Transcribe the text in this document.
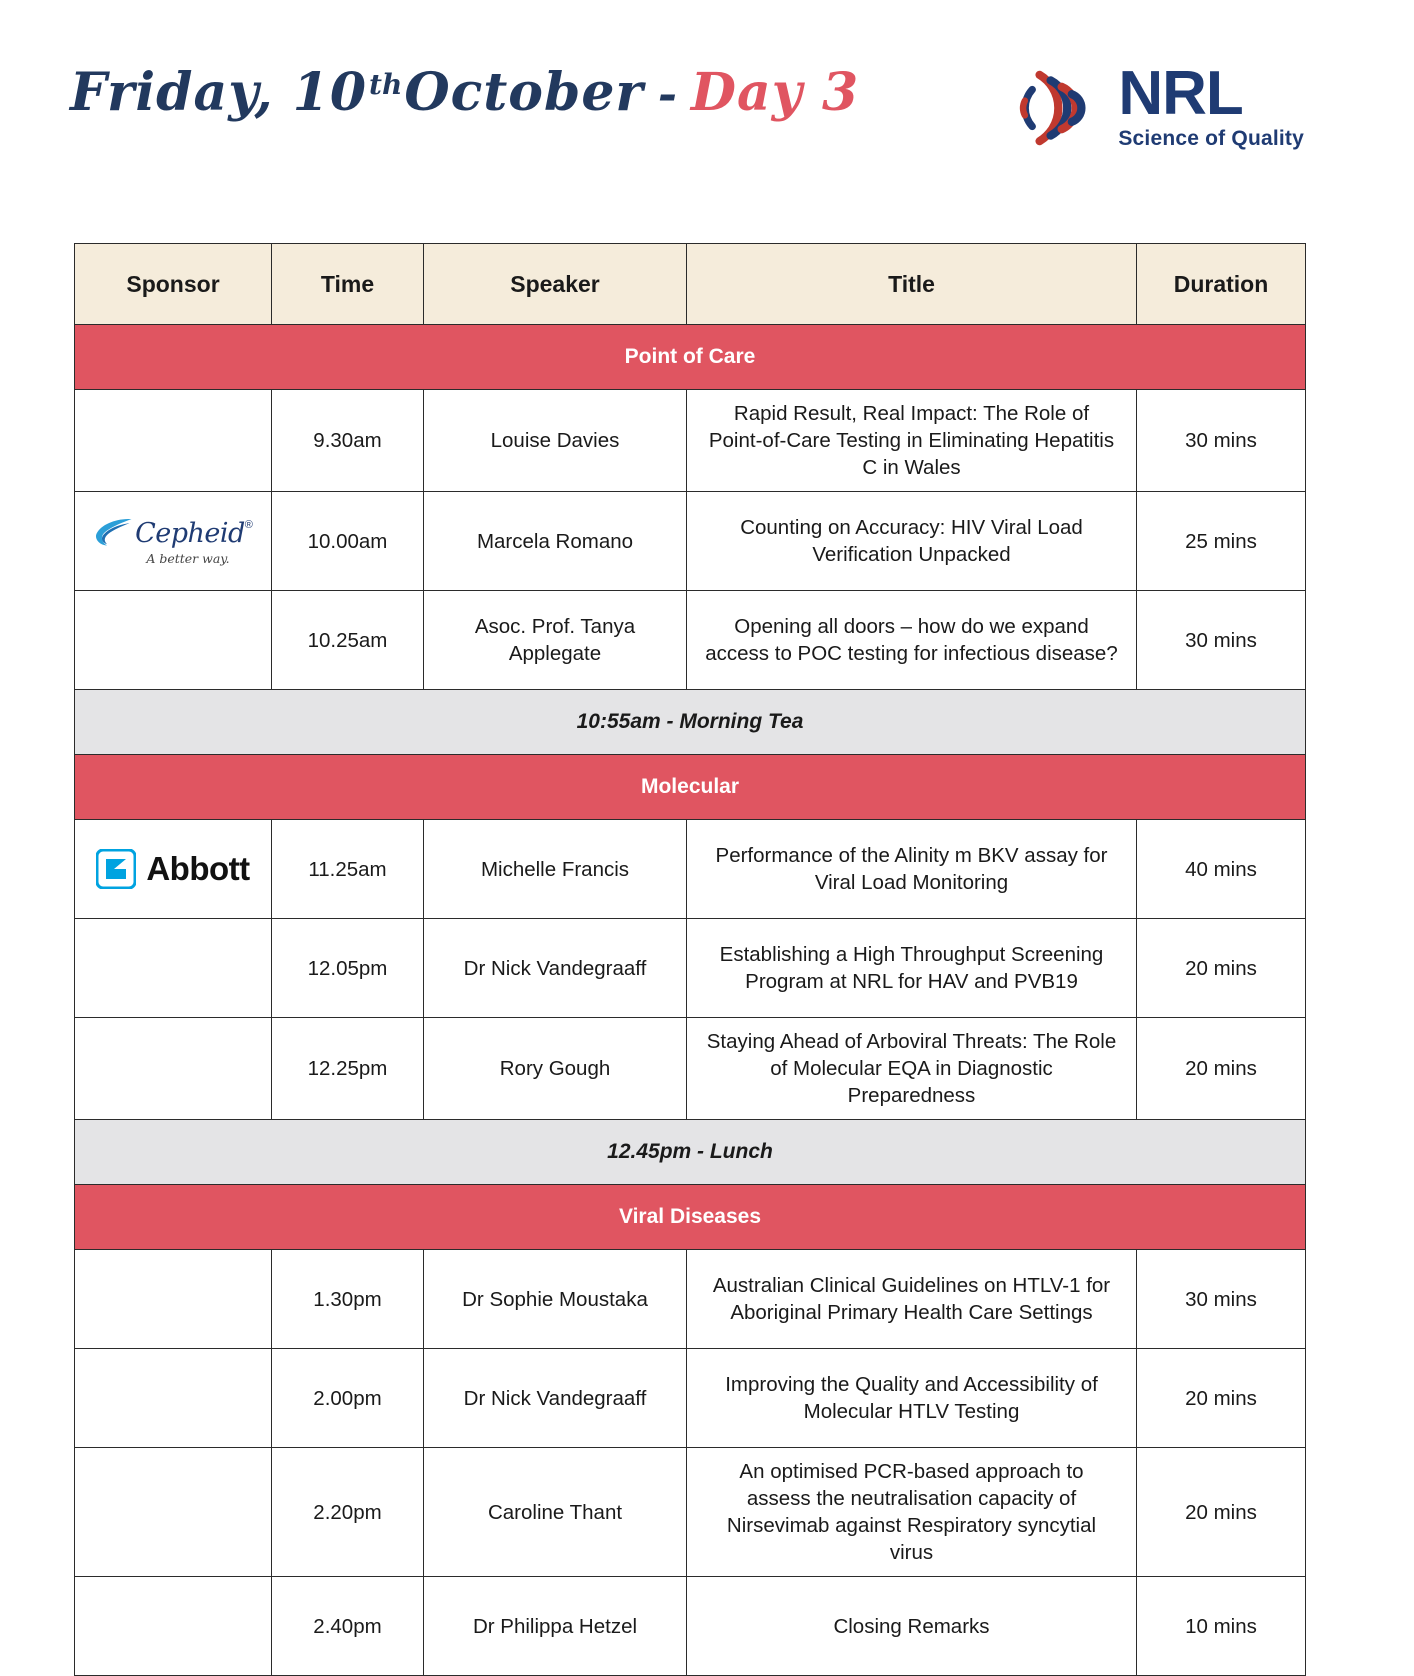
Friday, 10 th October - Day 3	NRL
Science of Quality
Sponsor	Time	Speaker	Title	Duration
Point of Care				
	9.30am	Louise Davies	Rapid Result, Real Impact: The Role of Point-of-Care Testing in Eliminating Hepatitis C in Wales	30 mins

Cepheid ®
A better way.	10.00am	Marcela Romano	Counting on Accuracy: HIV Viral Load Verification Unpacked	25 mins
	10.25am	Asoc. Prof. Tanya Applegate	Opening all doors – how do we expand access to POC testing for infectious disease?	30 mins
10:55am - Morning Tea				
Molecular				

Abbott	11.25am	Michelle Francis	Performance of the Alinity m BKV assay for Viral Load Monitoring	40 mins
	12.05pm	Dr Nick Vandegraaff	Establishing a High Throughput Screening Program at NRL for HAV and PVB19	20 mins
	12.25pm	Rory Gough	Staying Ahead of Arboviral Threats: The Role of Molecular EQA in Diagnostic Preparedness	20 mins
12.45pm - Lunch				
Viral Diseases				
	1.30pm	Dr Sophie Moustaka	Australian Clinical Guidelines on HTLV-1 for Aboriginal Primary Health Care Settings	30 mins
	2.00pm	Dr Nick Vandegraaff	Improving the Quality and Accessibility of Molecular HTLV Testing	20 mins
	2.20pm	Caroline Thant	An optimised PCR-based approach to assess the neutralisation capacity of Nirsevimab against Respiratory syncytial virus	20 mins
	2.40pm	Dr Philippa Hetzel	Closing Remarks	10 mins
